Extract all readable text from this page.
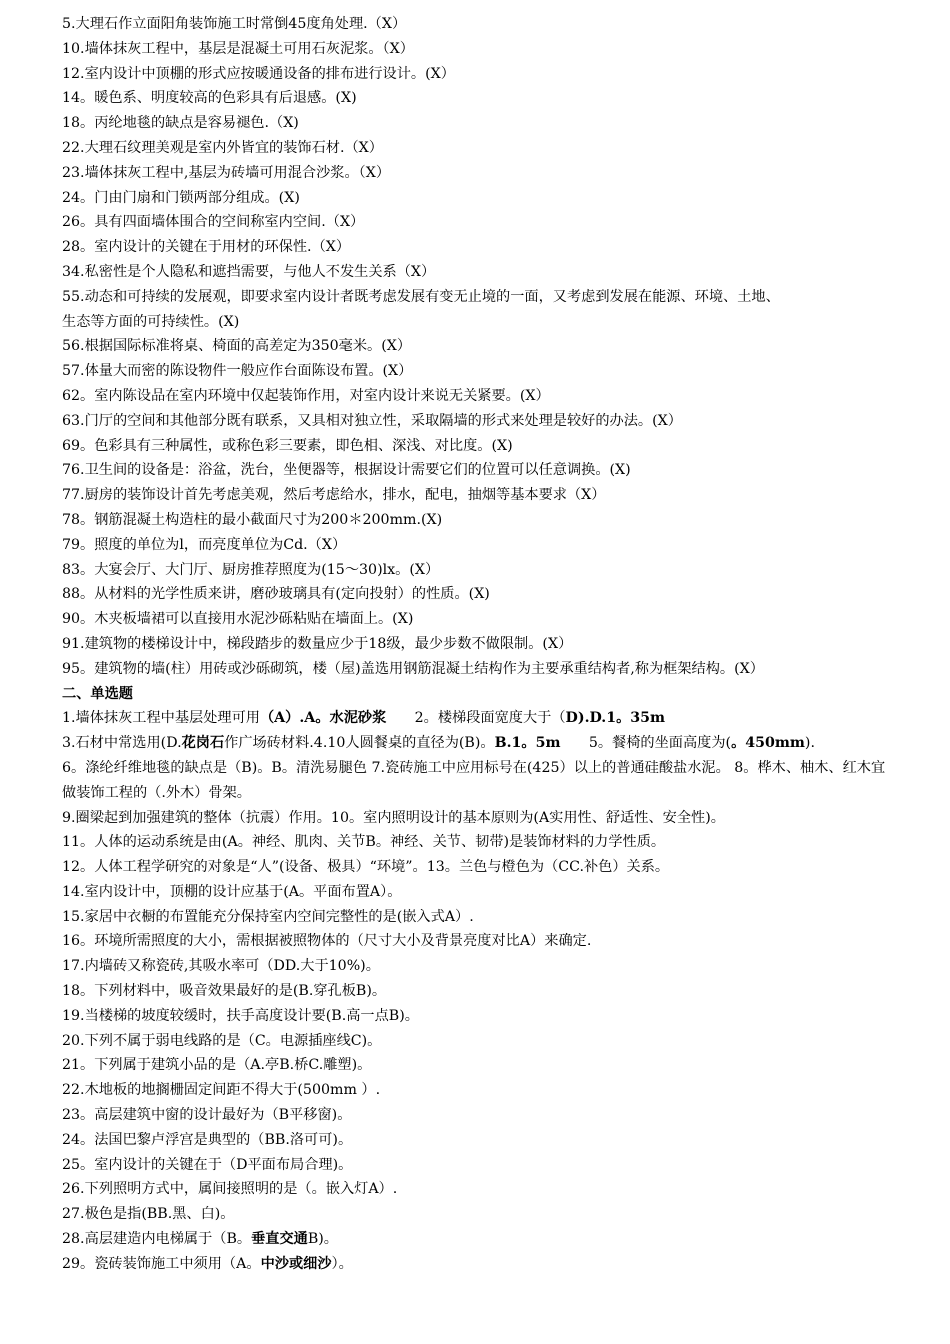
5.大理石作立面阳角装饰施工时常倒45度角处理.（X）
10.墙体抹灰工程中，基层是混凝土可用石灰泥浆。（X）
12.室内设计中顶棚的形式应按暖通设备的排布进行设计。(X）
14。暖色系、明度较高的色彩具有后退感。(X)
18。丙纶地毯的缺点是容易褪色.（X)
22.大理石纹理美观是室内外皆宜的装饰石材.（X）
23.墙体抹灰工程中,基层为砖墙可用混合沙浆。（X）
24。门由门扇和门锁两部分组成。(X)
26。具有四面墙体围合的空间称室内空间.（X）
28。室内设计的关键在于用材的环保性.（X）
34.私密性是个人隐私和遮挡需要，与他人不发生关系（X）
55.动态和可持续的发展观，即要求室内设计者既考虑发展有变无止境的一面，又考虑到发展在能源、环境、土地、
生态等方面的可持续性。(X)
56.根据国际标准将桌、椅面的高差定为350毫米。(X）
57.体量大而密的陈设物件一般应作台面陈设布置。(X）
62。室内陈设品在室内环境中仅起装饰作用，对室内设计来说无关紧要。(X）
63.门厅的空间和其他部分既有联系，又具相对独立性，采取隔墙的形式来处理是较好的办法。(X）
69。色彩具有三种属性，或称色彩三要素，即色相、深浅、对比度。(X)
76.卫生间的设备是：浴盆，洗台，坐便器等，根据设计需要它们的位置可以任意调换。(X)
77.厨房的装饰设计首先考虑美观，然后考虑给水，排水，配电，抽烟等基本要求（X）
78。钢筋混凝土构造柱的最小截面尺寸为200＊200mm.(X)
79。照度的单位为l，而亮度单位为Cd.（X）
83。大宴会厅、大门厅、厨房推荐照度为(15～30)lx。(X）
88。从材料的光学性质来讲，磨砂玻璃具有(定向投射）的性质。(X)
90。木夹板墙裙可以直接用水泥沙砾粘贴在墙面上。(X)
91.建筑物的楼梯设计中，梯段踏步的数量应少于18级，最少步数不做限制。(X）
95。建筑物的墙(柱）用砖或沙砾砌筑，楼（屋)盖选用钢筋混凝土结构作为主要承重结构者,称为框架结构。(X）
二、单选题
1.墙体抹灰工程中基层处理可用（A）.A。水泥砂浆　　2。楼梯段面宽度大于（D).D.1。35m
3.石材中常选用(D.花岗石作广场砖材料.4.10人圆餐桌的直径为(B)。B.1。5m　　5。餐椅的坐面高度为(。450mm).
6。涤纶纤维地毯的缺点是（B)。B。清洗易腿色 7.瓷砖施工中应用标号在(425）以上的普通硅酸盐水泥。 8。桦木、柚木、红木宜做装饰工程的（.外木）骨架。
9.圈梁起到加强建筑的整体（抗震）作用。10。室内照明设计的基本原则为(A实用性、舒适性、安全性)。
11。人体的运动系统是由(A。神经、肌肉、关节B。神经、关节、韧带)是装饰材料的力学性质。
12。人体工程学研究的对象是“人”(设备、极具）“环境”。13。兰色与橙色为（CC.补色）关系。
14.室内设计中，顶棚的设计应基于(A。平面布置A）。
15.家居中衣橱的布置能充分保持室内空间完整性的是(嵌入式A）.
16。环境所需照度的大小，需根据被照物体的（尺寸大小及背景亮度对比A）来确定.
17.内墙砖又称瓷砖,其吸水率可（DD.大于10%)。
18。下列材料中，吸音效果最好的是(B.穿孔板B)。
19.当楼梯的坡度较缓时，扶手高度设计要(B.高一点B)。
20.下列不属于弱电线路的是（C。电源插座线C)。
21。下列属于建筑小品的是（A.亭B.桥C.雕塑)。
22.木地板的地搁栅固定间距不得大于(500mm ）.
23。高层建筑中窗的设计最好为（B平移窗)。
24。法国巴黎卢浮宫是典型的（BB.洛可可)。
25。室内设计的关键在于（D平面布局合理)。
26.下列照明方式中，属间接照明的是（。嵌入灯A）.
27.极色是指(BB.黑、白)。
28.高层建造内电梯属于（B。垂直交通B)。
29。瓷砖装饰施工中须用（A。中沙或细沙）。
